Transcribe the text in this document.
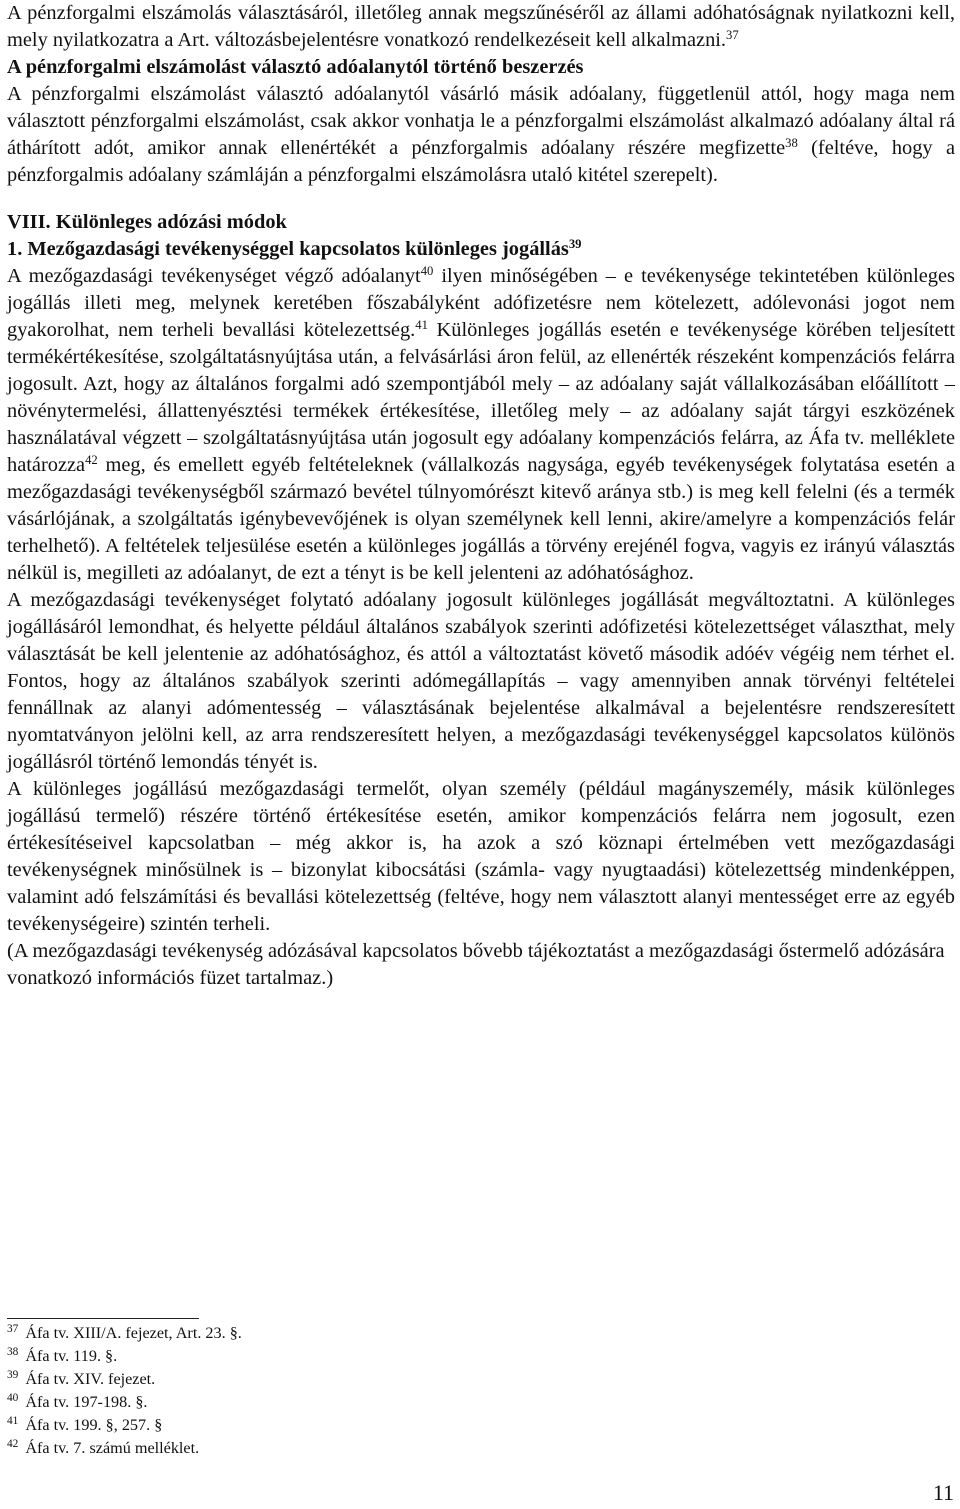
A pénzforgalmi elszámolás választásáról, illetőleg annak megszűnéséről az állami adóhatóságnak nyilatkozni kell, mely nyilatkozatra a Art. változásbejelentésre vonatkozó rendelkezéseit kell alkalmazni.$^{37}$

A pénzforgalmi elszámolást választó adóalanytól történő beszerzés

A pénzforgalmi elszámolást választó adóalanytól vásárló másik adóalany, függetlenül attól, hogy maga nem választott pénzforgalmi elszámolást, csak akkor vonhatja le a pénzforgalmi elszámolást alkalmazó adóalany által rá áthárított adót, amikor annak ellenértékét a pénzforgalmis adóalany részére megfizette$^{38}$ (feltéve, hogy a pénzforgalmis adóalany számláján a pénzforgalmi elszámolásra utaló kitétel szerepelt).

VIII. Különleges adózási módok
1. Mezőgazdasági tevékenységgel kapcsolatos különleges jogállás$^{39}$

A mezőgazdasági tevékenységet végző adóalanyt$^{40}$ ilyen minőségében – e tevékenysége tekintetében különleges jogállás illeti meg, melynek keretében főszabályként adófizetésre nem kötelezett, adólevonási jogot nem gyakorolhat, nem terheli bevallási kötelezettség.$^{41}$ Különleges jogállás esetén e tevékenysége körében teljesített termékértékesítése, szolgáltatásnyújtása után, a felvásárlási áron felül, az ellenérték részeként kompenzációs felárra jogosult. Azt, hogy az általános forgalmi adó szempontjából mely – az adóalany saját vállalkozásában előállított – növénytermelési, állattenyésztési termékek értékesítése, illetőleg mely – az adóalany saját tárgyi eszközének használatával végzett – szolgáltatásnyújtása után jogosult egy adóalany kompenzációs felárra, az Áfa tv. melléklete határozza$^{42}$ meg, és emellett egyéb feltételeknek (vállalkozás nagysága, egyéb tevékenységek folytatása esetén a mezőgazdasági tevékenységből származó bevétel túlnyomórészt kitevő aránya stb.) is meg kell felelni (és a termék vásárlójának, a szolgáltatás igénybevevőjének is olyan személynek kell lenni, akire/amelyre a kompenzációs felár terhelhető). A feltételek teljesülése esetén a különleges jogállás a törvény erejénél fogva, vagyis ez irányú választás nélkül is, megilleti az adóalanyt, de ezt a tényt is be kell jelenteni az adóhatósághoz.

A mezőgazdasági tevékenységet folytató adóalany jogosult különleges jogállását megváltoztatni. A különleges jogállásáról lemondhat, és helyette például általános szabályok szerinti adófizetési kötelezettséget választhat, mely választását be kell jelentenie az adóhatósághoz, és attól a változtatást követő második adóév végéig nem térhet el. Fontos, hogy az általános szabályok szerinti adómegállapítás – vagy amennyiben annak törvényi feltételei fennállnak az alanyi adómentesség – választásának bejelentése alkalmával a bejelentésre rendszeresített nyomtatványon jelölni kell, az arra rendszeresített helyen, a mezőgazdasági tevékenységgel kapcsolatos különös jogállásról történő lemondás tényét is.

A különleges jogállású mezőgazdasági termelőt, olyan személy (például magányszemély, másik különleges jogállású termelő) részére történő értékesítése esetén, amikor kompenzációs felárra nem jogosult, ezen értékesítéseivel kapcsolatban – még akkor is, ha azok a szó köznapi értelmében vett mezőgazdasági tevékenységnek minősülnek is – bizonylat kibocsátási (számla- vagy nyugtaadási) kötelezettség mindenképpen, valamint adó felszámítási és bevallási kötelezettség (feltéve, hogy nem választott alanyi mentességet erre az egyéb tevékenységeire) szintén terheli.

(A mezőgazdasági tevékenység adózásával kapcsolatos bővebb tájékoztatást a mezőgazdasági őstermelő adózására vonatkozó információs füzet tartalmaz.)

$^{37}$ Áfa tv. XIII/A. fejezet, Art. 23. §.
$^{38}$ Áfa tv. 119. §.
$^{39}$ Áfa tv. XIV. fejezet.
$^{40}$ Áfa tv. 197-198. §.
$^{41}$ Áfa tv. 199. §, 257. §
$^{42}$ Áfa tv. 7. számú melléklet.
11
